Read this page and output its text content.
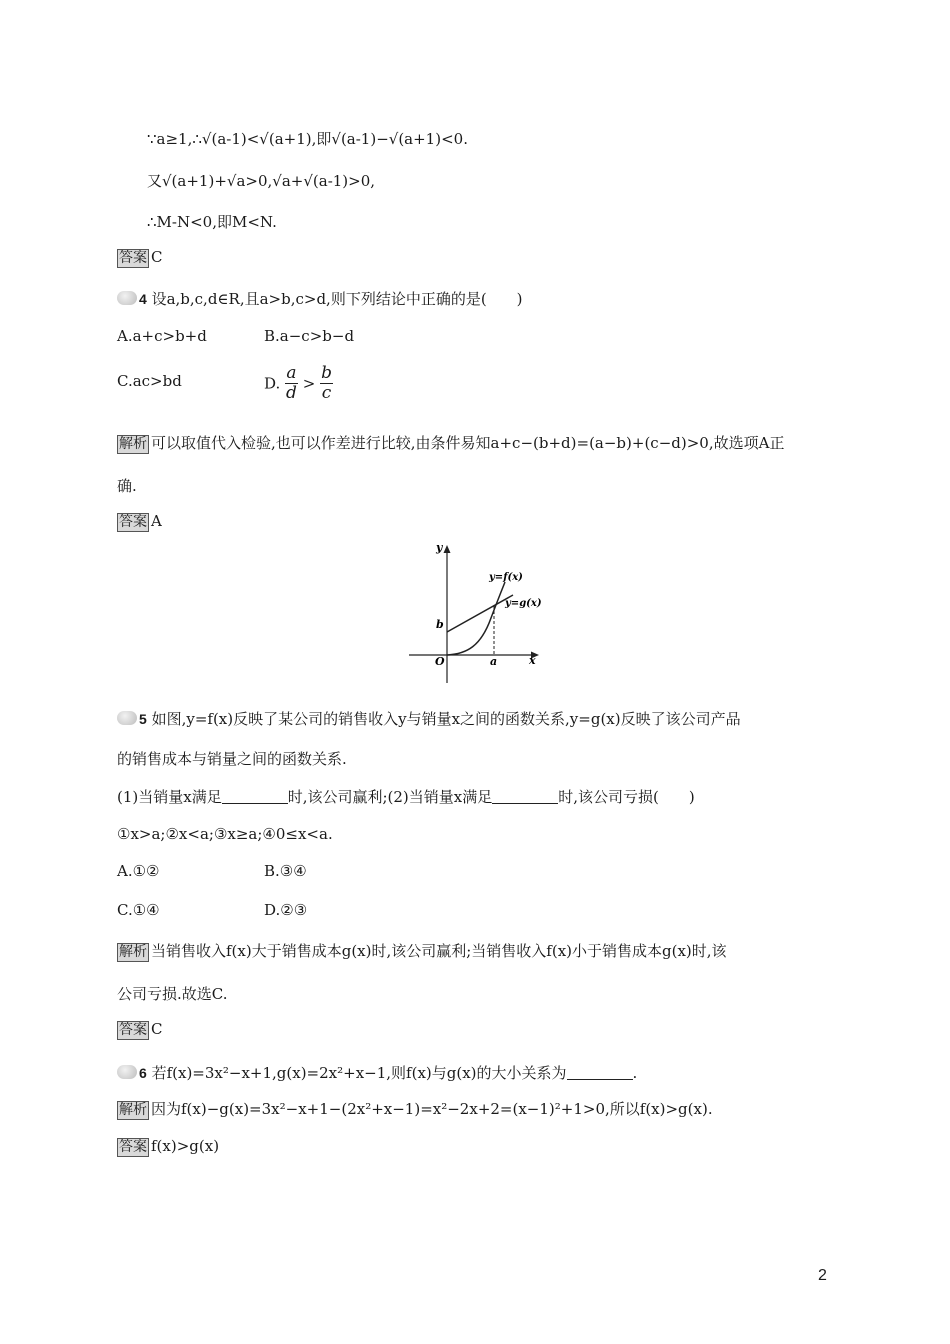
∵a≥1,∴√(a-1)<√(a+1),即√(a-1)−√(a+1)<0.
又√(a+1)+√a>0,√a+√(a-1)>0,
∴M-N<0,即M<N.
答案 C
4 设a,b,c,d∈R,且a>b,c>d,则下列结论中正确的是(　　)
A.a+c>b+d	B.a−c>b−d
C.ac>bd	D. $\frac{a}{d} > \frac{b}{c}$
解析 可以取值代入检验,也可以作差进行比较,由条件易知a+c−(b+d)=(a−b)+(c−d)>0,故选项A正
确.
答案 A
y
x
O
b
a
y=f(x)
y=g(x)
5 如图,y=f(x)反映了某公司的销售收入y与销量x之间的函数关系,y=g(x)反映了该公司产品
的销售成本与销量之间的函数关系.
(1)当销量x满足	时,该公司赢利;(2)当销量x满足	时,该公司亏损(　　)
①x>a;②x<a;③x≥a;④0≤x<a.
A.①②	B.③④
C.①④	D.②③
解析 当销售收入f(x)大于销售成本g(x)时,该公司赢利;当销售收入f(x)小于销售成本g(x)时,该
公司亏损.故选C.
答案 C
6 若f(x)=3x²−x+1,g(x)=2x²+x−1,则f(x)与g(x)的大小关系为	.
解析 因为f(x)−g(x)=3x²−x+1−(2x²+x−1)=x²−2x+2=(x−1)²+1>0,所以f(x)>g(x).
答案 f(x)>g(x)
2
